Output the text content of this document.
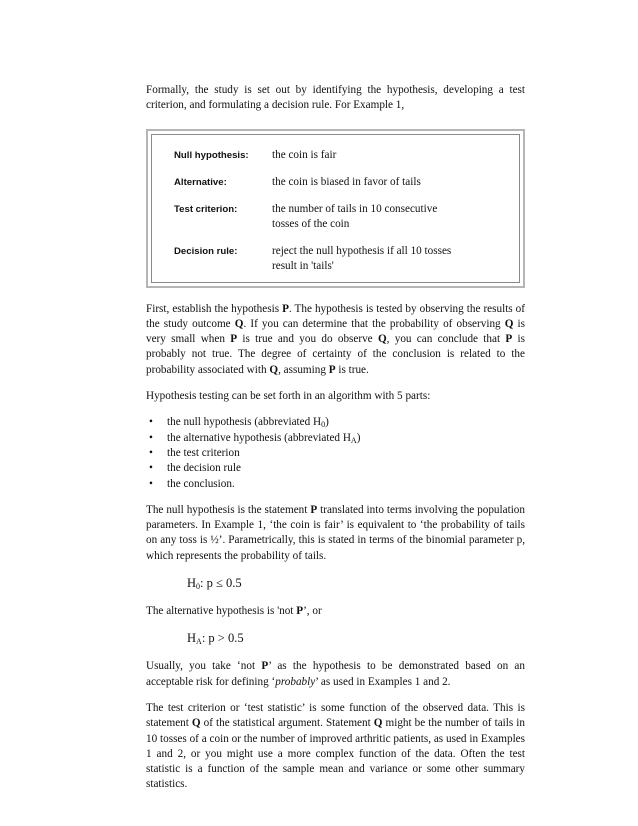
Formally, the study is set out by identifying the hypothesis, developing a test criterion, and formulating a decision rule. For Example 1,

Null hypothesis:	the coin is fair
Alternative:	the coin is biased in favor of tails
Test criterion:	the number of tails in 10 consecutive
tosses of the coin
Decision rule:	reject the null hypothesis if all 10 tosses
result in 'tails'

First, establish the hypothesis P. The hypothesis is tested by observing the results of the study outcome Q. If you can determine that the probability of observing Q is very small when P is true and you do observe Q, you can conclude that P is probably not true. The degree of certainty of the conclusion is related to the probability associated with Q, assuming P is true.

Hypothesis testing can be set forth in an algorithm with 5 parts:

• the null hypothesis (abbreviated $H_0$)
• the alternative hypothesis (abbreviated $H_A$)
• the test criterion
• the decision rule
• the conclusion.

The null hypothesis is the statement P translated into terms involving the population parameters. In Example 1, ‘the coin is fair’ is equivalent to ‘the probability of tails on any toss is ½’. Parametrically, this is stated in terms of the binomial parameter p, which represents the probability of tails.

$H_0$: p ≤ 0.5

The alternative hypothesis is 'not P’, or

$H_A$: p > 0.5

Usually, you take ‘not P’ as the hypothesis to be demonstrated based on an acceptable risk for defining ‘probably’ as used in Examples 1 and 2.

The test criterion or ‘test statistic’ is some function of the observed data. This is statement Q of the statistical argument. Statement Q might be the number of tails in 10 tosses of a coin or the number of improved arthritic patients, as used in Examples 1 and 2, or you might use a more complex function of the data. Often the test statistic is a function of the sample mean and variance or some other summary statistics.
